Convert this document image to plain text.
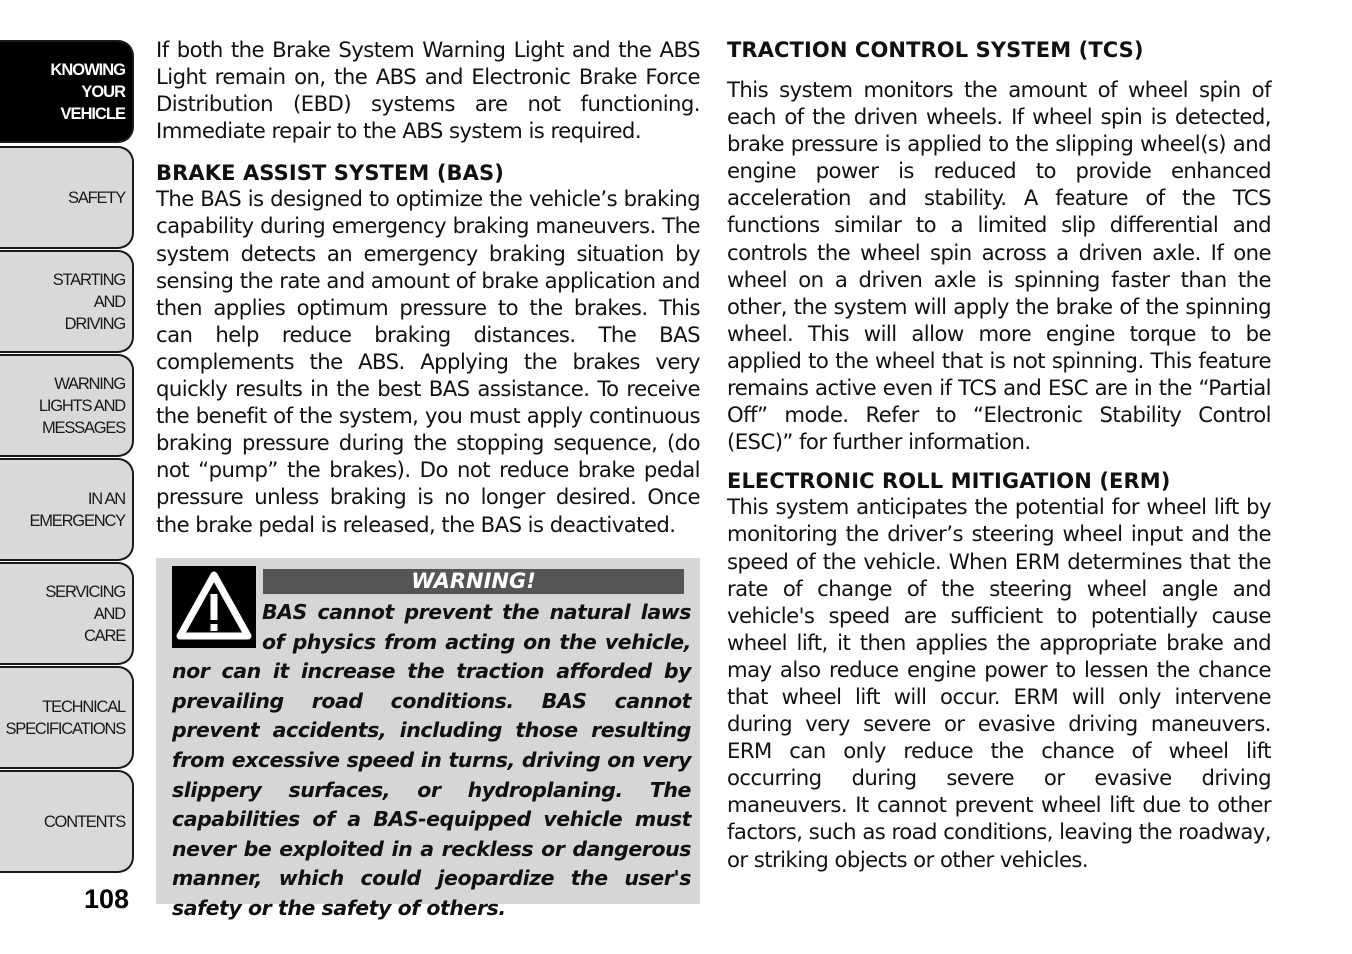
KNOWING
YOUR
VEHICLE
SAFETY
STARTING
AND
DRIVING
WARNING
LIGHTS AND
MESSAGES
IN AN
EMERGENCY
SERVICING
AND
CARE
TECHNICAL
SPECIFICATIONS
CONTENTS
108

If both the Brake System Warning Light and the ABS Light remain on, the ABS and Electronic Brake Force Distribution (EBD) systems are not functioning. Immediate repair to the ABS system is required.

BRAKE ASSIST SYSTEM (BAS)

The BAS is designed to optimize the vehicle’s braking capability during emergency braking maneuvers. The system detects an emergency braking situation by sensing the rate and amount of brake application and then applies optimum pressure to the brakes. This can help reduce braking distances. The BAS complements the ABS. Applying the brakes very quickly results in the best BAS assistance. To receive the benefit of the system, you must apply continuous braking pressure during the stopping sequence, (do not “pump” the brakes). Do not reduce brake pedal pressure unless braking is no longer desired. Once the brake pedal is released, the BAS is deactivated.

WARNING!

BAS cannot prevent the natural laws of physics from acting on the vehicle, nor can it increase the traction afforded by prevailing road conditions. BAS cannot prevent accidents, including those resulting from excessive speed in turns, driving on very slippery surfaces, or hydroplaning. The capabilities of a BAS-equipped vehicle must never be exploited in a reckless or dangerous manner, which could jeopardize the user's safety or the safety of others.

TRACTION CONTROL SYSTEM (TCS)

This system monitors the amount of wheel spin of each of the driven wheels. If wheel spin is detected, brake pressure is applied to the slipping wheel(s) and engine power is reduced to provide enhanced acceleration and stability. A feature of the TCS functions similar to a limited slip differential and controls the wheel spin across a driven axle. If one wheel on a driven axle is spinning faster than the other, the system will apply the brake of the spinning wheel. This will allow more engine torque to be applied to the wheel that is not spinning. This feature remains active even if TCS and ESC are in the “Partial Off” mode. Refer to “Electronic Stability Control (ESC)” for further information.

ELECTRONIC ROLL MITIGATION (ERM)

This system anticipates the potential for wheel lift by monitoring the driver’s steering wheel input and the speed of the vehicle. When ERM determines that the rate of change of the steering wheel angle and vehicle's speed are sufficient to potentially cause wheel lift, it then applies the appropriate brake and may also reduce engine power to lessen the chance that wheel lift will occur. ERM will only intervene during very severe or evasive driving maneuvers. ERM can only reduce the chance of wheel lift occurring during severe or evasive driving maneuvers. It cannot prevent wheel lift due to other factors, such as road conditions, leaving the roadway, or striking objects or other vehicles.
